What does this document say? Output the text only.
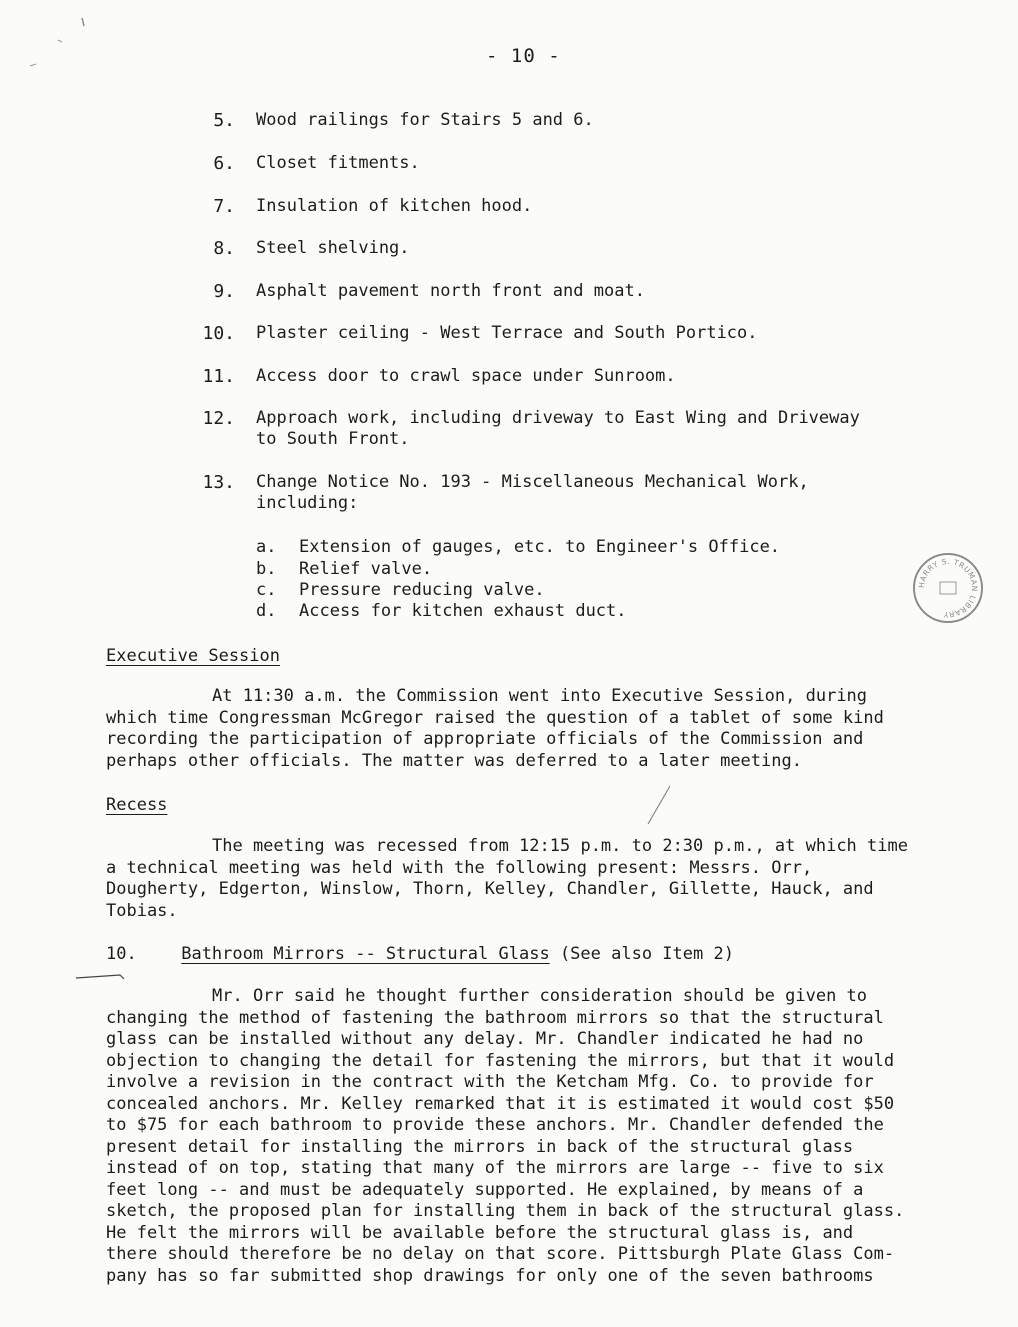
- 10 -
5. Wood railings for Stairs 5 and 6.
6. Closet fitments.
7. Insulation of kitchen hood.
8. Steel shelving.
9. Asphalt pavement north front and moat.
10. Plaster ceiling - West Terrace and South Portico.
11. Access door to crawl space under Sunroom.
12. Approach work, including driveway to East Wing and Driveway
to South Front.
13. Change Notice No. 193 - Miscellaneous Mechanical Work,
including:
a.	Extension of gauges, etc. to Engineer's Office.
b.	Relief valve.
c.	Pressure reducing valve.
d.	Access for kitchen exhaust duct.
HARRY S. TRUMAN LIBRARY
Executive Session

At 11:30 a.m. the Commission went into Executive Session, during
which time Congressman McGregor raised the question of a tablet of some kind
recording the participation of appropriate officials of the Commission and
perhaps other officials. The matter was deferred to a later meeting.

Recess

The meeting was recessed from 12:15 p.m. to 2:30 p.m., at which time
a technical meeting was held with the following present: Messrs. Orr,
Dougherty, Edgerton, Winslow, Thorn, Kelley, Chandler, Gillette, Hauck, and
Tobias.

10.	Bathroom Mirrors -- Structural Glass (See also Item 2)

Mr. Orr said he thought further consideration should be given to
changing the method of fastening the bathroom mirrors so that the structural
glass can be installed without any delay. Mr. Chandler indicated he had no
objection to changing the detail for fastening the mirrors, but that it would
involve a revision in the contract with the Ketcham Mfg. Co. to provide for
concealed anchors. Mr. Kelley remarked that it is estimated it would cost $50
to $75 for each bathroom to provide these anchors. Mr. Chandler defended the
present detail for installing the mirrors in back of the structural glass
instead of on top, stating that many of the mirrors are large -- five to six
feet long -- and must be adequately supported. He explained, by means of a
sketch, the proposed plan for installing them in back of the structural glass.
He felt the mirrors will be available before the structural glass is, and
there should therefore be no delay on that score. Pittsburgh Plate Glass Com-
pany has so far submitted shop drawings for only one of the seven bathrooms
